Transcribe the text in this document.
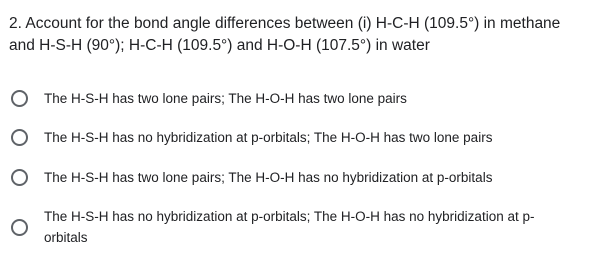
2. Account for the bond angle differences between (i) H-C-H (109.5°) in methane and H-S-H (90°); H-C-H (109.5°) and H-O-H (107.5°) in water
The H-S-H has two lone pairs; The H-O-H has two lone pairs
The H-S-H has no hybridization at p-orbitals; The H-O-H has two lone pairs
The H-S-H has two lone pairs; The H-O-H has no hybridization at p-orbitals
The H-S-H has no hybridization at p-orbitals; The H-O-H has no hybridization at p-orbitals
